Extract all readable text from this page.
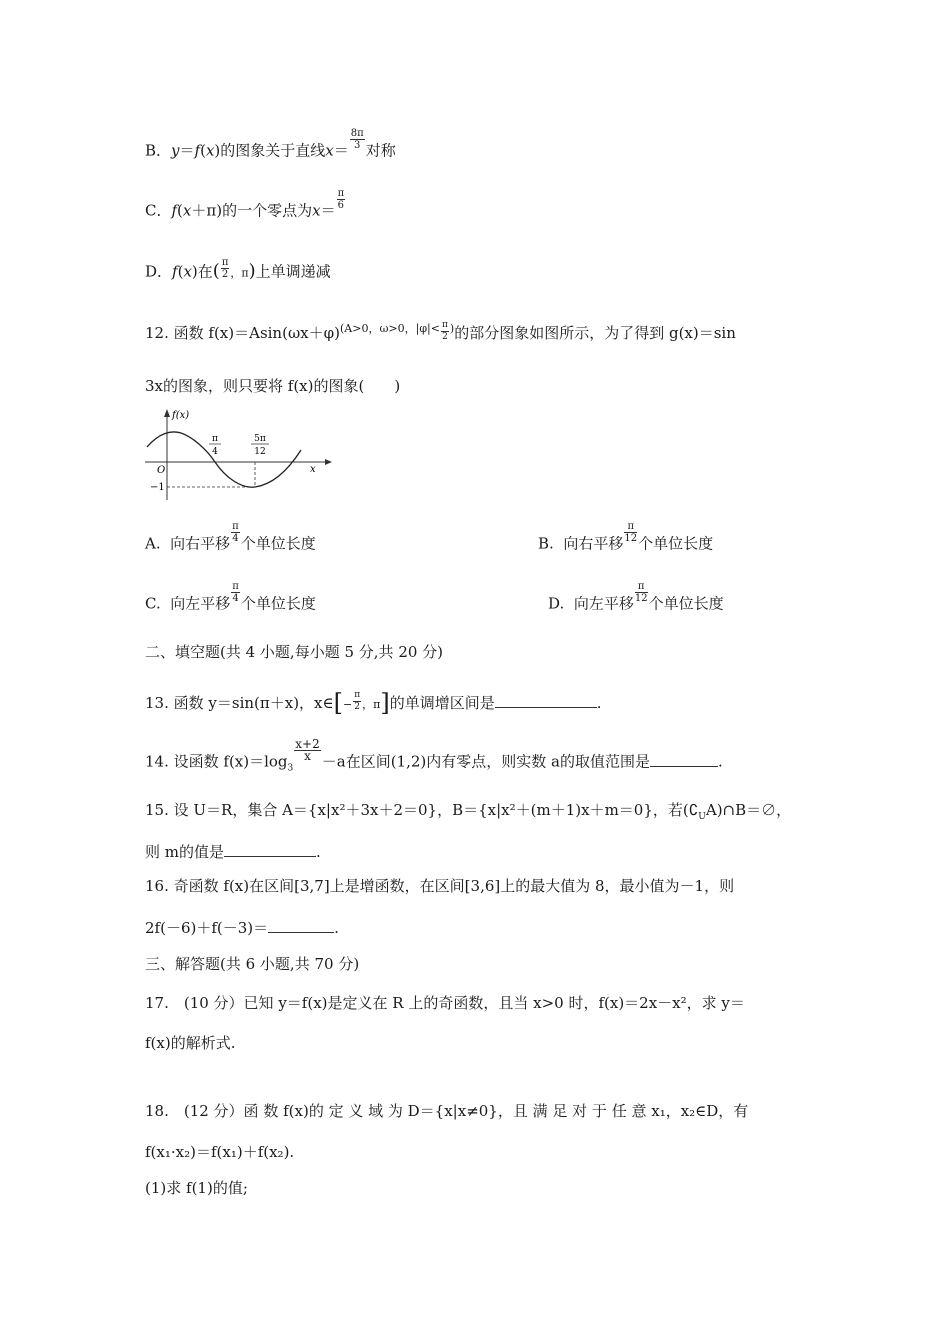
B．y＝f(x)的图象关于直线$x= \frac{8\pi}{3}$ 对称
C．f(x＋π)的一个零点为$x= \frac{\pi}{6}$
D．f(x)在( $\frac{\pi}{2}$ ，π)上单调递减
12. 函数 $f(x)=Asin(\omega x+\varphi)^{(A>0,\omega>0,|\varphi|< \frac{\pi}{2} )}$的部分图象如图所示，为了得到 g(x)＝sin
3x的图象，则只要将 f(x)的图象(　　)
f(x)
x
O
−1
π
4
5π
12
A. 向右平移 $\frac{\pi}{4}$ 个单位长度	B. 向右平移 $\frac{\pi}{12}$ 个单位长度
C. 向左平移 $\frac{\pi}{4}$ 个单位长度	D. 向左平移 $\frac{\pi}{12}$ 个单位长度
二、填空题(共 4 小题,每小题 5 分,共 20 分)
13. 函数 y＝sin(π＋x)，x∈[− $\frac{\pi}{2}$ ，π]的单调增区间是	.
14. 设函数 $f(x)=\log_3$
$\frac{x+2}{x} -a$在区间(1,2)内有零点，则实数 a的取值范围是	.
15. 设 U＝R，集合 A＝{x|x²＋3x＋2＝0}，B＝{x|x²＋(m＋1)x＋m＝0}，若$(∁_UA)\cap B=\emptyset$，
则 m的值是	.
16. 奇函数 f(x)在区间[3,7]上是增函数，在区间[3,6]上的最大值为 8，最小值为－1，则
2f(－6)＋f(－3)＝	.
三、解答题(共 6 小题,共 70 分)
17.　(10 分）已知 y＝f(x)是定义在 R 上的奇函数，且当 x>0 时，f(x)＝2x－x²，求 y＝
f(x)的解析式.
18.　(12 分）函 数 f(x)的 定 义 域 为 D＝{x|x≠0}，且 满 足 对 于 任 意 x₁，x₂∈D，有
f(x₁·x₂)＝f(x₁)＋f(x₂).
(1)求 f(1)的值;
